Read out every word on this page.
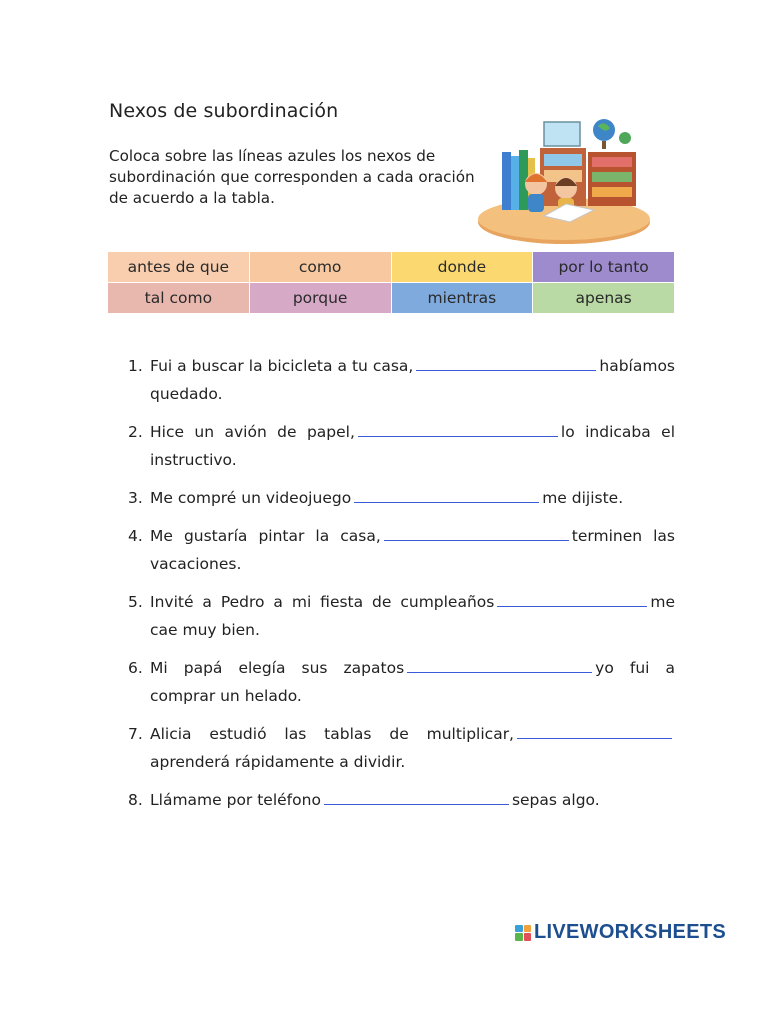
Nexos de subordinación
Coloca sobre las líneas azules los nexos de subordinación que corresponden a cada oración de acuerdo a la tabla.
antes de que	como	donde	por lo tanto
tal como	porque	mientras	apenas
1. Fui a buscar la bicicleta a tu casa,	habíamos quedado.
2. Hice un avión de papel,	lo indicaba el instructivo.
3. Me compré un videojuego	me dijiste.
4. Me gustaría pintar la casa,	terminen las vacaciones.
5. Invité a Pedro a mi fiesta de cumpleaños	me cae muy bien.
6. Mi papá elegía sus zapatos	yo fui a comprar un helado.
7. Alicia estudió las tablas de multiplicar,aprenderá rápidamente a dividir.
8. Llámame por teléfono	sepas algo.
LIVEWORKSHEETS
